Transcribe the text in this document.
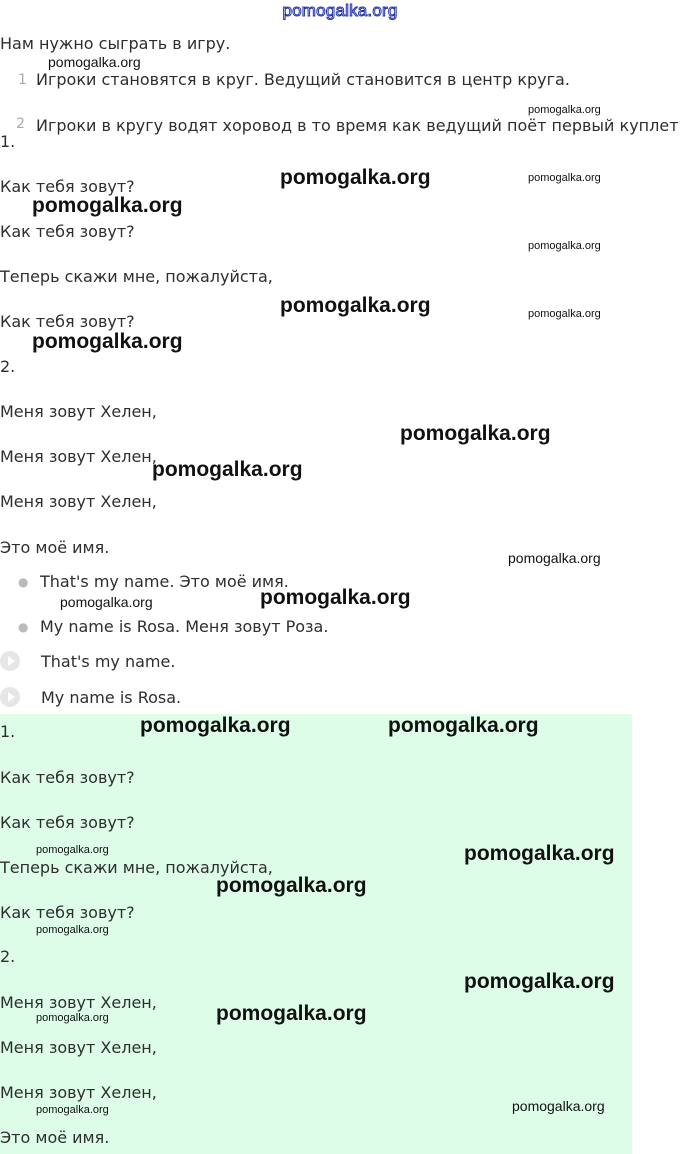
pomogalka.org
Нам нужно сыграть в игру.
1 Игроки становятся в круг. Ведущий становится в центр круга.
2 Игроки в кругу водят хоровод в то время как ведущий поёт первый куплет
1.
Как тебя зовут?
Как тебя зовут?
Теперь скажи мне, пожалуйста,
Как тебя зовут?
2.
Меня зовут Хелен,
Меня зовут Хелен,
Меня зовут Хелен,
Это моё имя.
● That's my name. Это моё имя.
● My name is Rosa. Меня зовут Роза.
That's my name.
My name is Rosa.
1.
Как тебя зовут?
Как тебя зовут?
Теперь скажи мне, пожалуйста,
Как тебя зовут?
2.
Меня зовут Хелен,
Меня зовут Хелен,
Меня зовут Хелен,
Это моё имя.
pomogalka.org
pomogalka.org
pomogalka.org	pomogalka.org
pomogalka.org
pomogalka.org
pomogalka.org	pomogalka.org
pomogalka.org
pomogalka.org
pomogalka.org
pomogalka.org
pomogalka.org
pomogalka.org
pomogalka.org	pomogalka.org
pomogalka.org	pomogalka.org
pomogalka.org
pomogalka.org
pomogalka.org
pomogalka.org
pomogalka.org
pomogalka.org
pomogalka.org
